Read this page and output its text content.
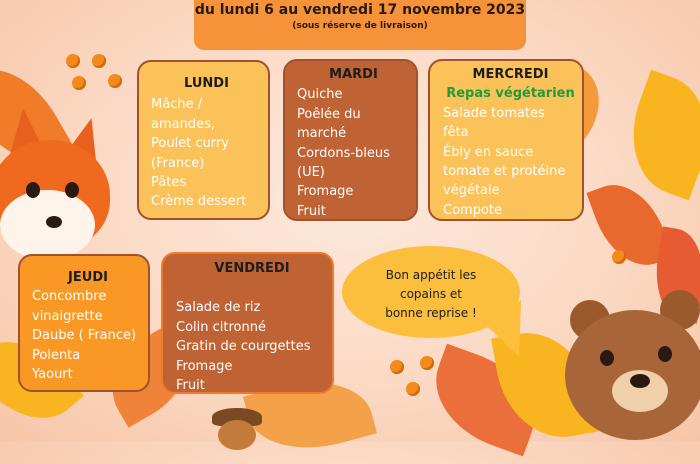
du lundi 6 au vendredi 17 novembre 2023
(sous réserve de livraison)
LUNDI
Mâche /
amandes,
Poulet curry
(France)
Pâtes
Crème dessert
MARDI
Quiche
Poêlée du
marché
Cordons-bleus
(UE)
Fromage
Fruit
MERCREDI
Repas végétarien
Salade tomates
fêta
Ébly en sauce
tomate et protéine
végétale
Compote
JEUDI
Concombre
vinaigrette
Daube ( France)
Polenta
Yaourt
VENDREDI
Salade de riz
Colin citronné
Gratin de courgettes
Fromage
Fruit
Bon appétit les
copains et
bonne reprise !
